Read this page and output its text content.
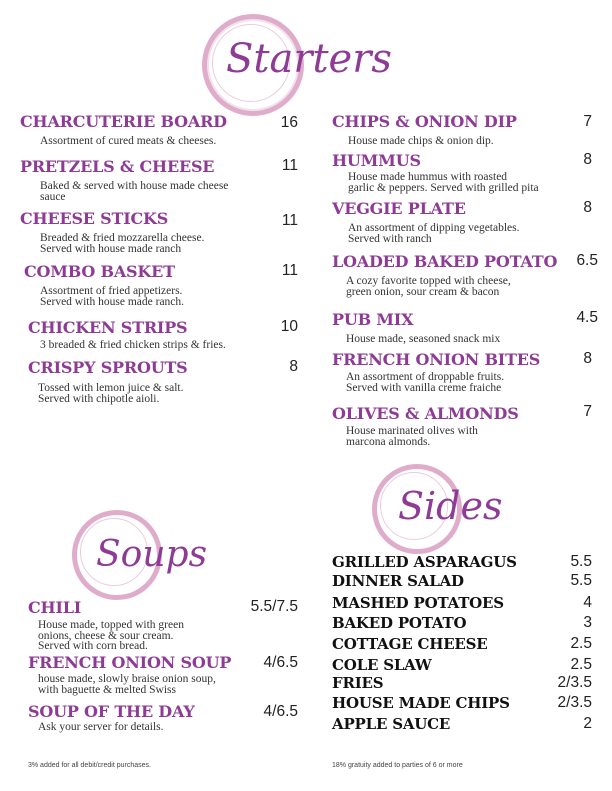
Starters
CHARCUTERIE BOARD
Assortment of cured meats & cheeses.
16
PRETZELS & CHEESE
Baked & served with house made cheese
sauce
11
CHEESE STICKS
Breaded & fried mozzarella cheese.
Served with house made ranch
11
COMBO BASKET
Assortment of fried appetizers.
Served with house made ranch.
11
CHICKEN STRIPS
3 breaded & fried chicken strips & fries.
10
CRISPY SPROUTS
Tossed with lemon juice & salt.
Served with chipotle aioli.
8
CHIPS & ONION DIP
House made chips & onion dip.
7
HUMMUS
House made hummus with roasted
garlic & peppers. Served with grilled pita
8
VEGGIE PLATE
An assortment of dipping vegetables.
Served with ranch
8
LOADED BAKED POTATO
A cozy favorite topped with cheese,
green onion, sour cream & bacon
6.5
PUB MIX
House made, seasoned snack mix
4.5
FRENCH ONION BITES
An assortment of droppable fruits.
Served with vanilla creme fraiche
8
OLIVES & ALMONDS
House marinated olives with
marcona almonds.
7
Sides
Soups
CHILI
House made, topped with green
onions, cheese & sour cream.
Served with corn bread.
5.5/7.5
FRENCH ONION SOUP
house made, slowly braise onion soup,
with baguette & melted Swiss
4/6.5
SOUP OF THE DAY
Ask your server for details.
4/6.5
GRILLED ASPARAGUS	5.5
DINNER SALAD	5.5
MASHED POTATOES	4
BAKED POTATO	3
COTTAGE CHEESE	2.5
COLE SLAW	2.5
FRIES	2/3.5
HOUSE MADE CHIPS	2/3.5
APPLE SAUCE	2
3% added for all debit/credit purchases.	18% gratuity added to parties of 6 or more
